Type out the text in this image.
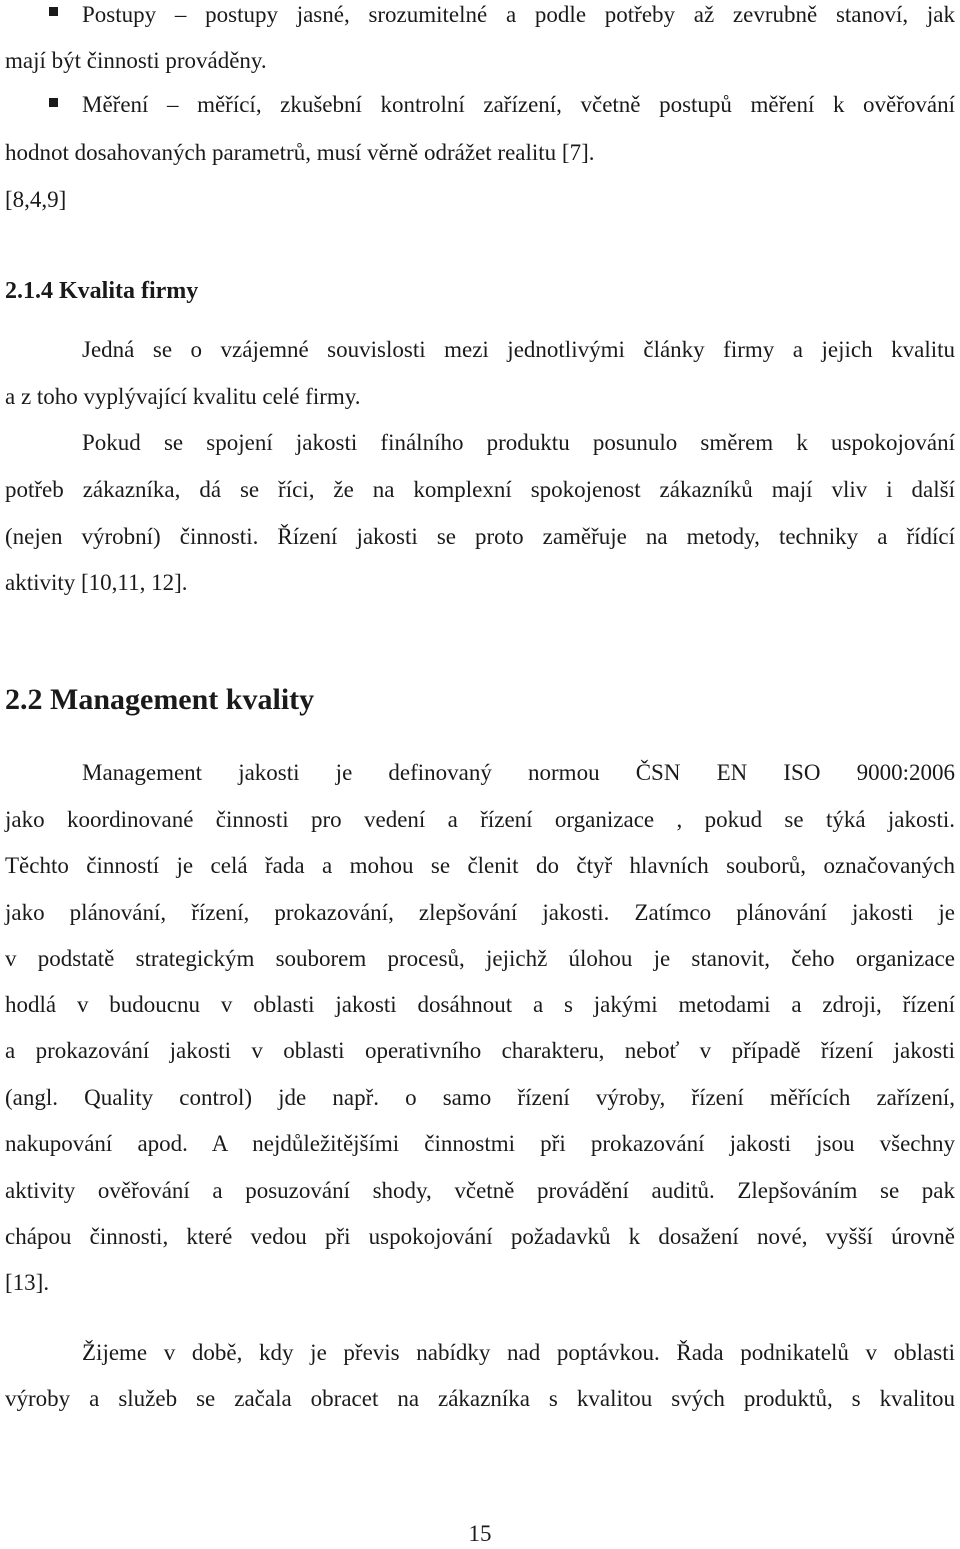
Postupy – postupy jasné, srozumitelné a podle potřeby až zevrubně stanoví, jak
mají být činnosti prováděny.
Měření – měřící, zkušební kontrolní zařízení, včetně postupů měření k ověřování
hodnot dosahovaných parametrů, musí věrně odrážet realitu [7].
[8,4,9]
2.1.4 Kvalita firmy
Jedná se o vzájemné souvislosti mezi jednotlivými články firmy a jejich kvalitu
a z toho vyplývající kvalitu celé firmy.
Pokud se spojení jakosti finálního produktu posunulo směrem k uspokojování
potřeb zákazníka, dá se říci, že na komplexní spokojenost zákazníků mají vliv i další
(nejen výrobní) činnosti. Řízení jakosti se proto zaměřuje na metody, techniky a řídící
aktivity [10,11, 12].
2.2 Management kvality
Management jakosti je definovaný normou ČSN EN ISO 9000:2006
jako koordinované činnosti pro vedení a řízení organizace , pokud se týká jakosti.
Těchto činností je celá řada a mohou se členit do čtyř hlavních souborů, označovaných
jako plánování, řízení, prokazování, zlepšování jakosti. Zatímco plánování jakosti je
v podstatě strategickým souborem procesů, jejichž úlohou je stanovit, čeho organizace
hodlá v budoucnu v oblasti jakosti dosáhnout a s jakými metodami a zdroji, řízení
a prokazování jakosti v oblasti operativního charakteru, neboť v případě řízení jakosti
(angl. Quality control) jde např. o samo řízení výroby, řízení měřících zařízení,
nakupování apod. A nejdůležitějšími činnostmi při prokazování jakosti jsou všechny
aktivity ověřování a posuzování shody, včetně provádění auditů. Zlepšováním se pak
chápou činnosti, které vedou při uspokojování požadavků k dosažení nové, vyšší úrovně
[13].
Žijeme v době, kdy je převis nabídky nad poptávkou. Řada podnikatelů v oblasti
výroby a služeb se začala obracet na zákazníka s kvalitou svých produktů, s kvalitou
15
